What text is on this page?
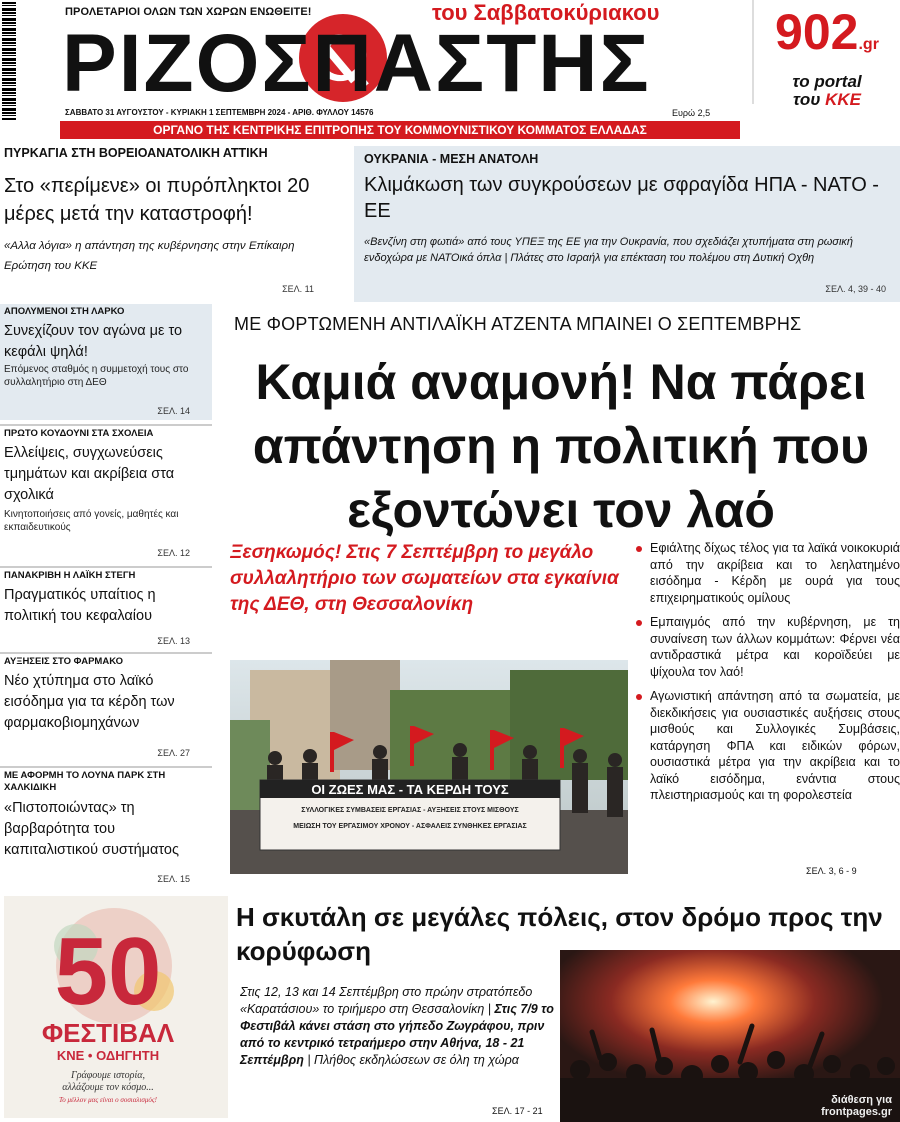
ΠΡΟΛΕΤΑΡΙΟΙ ΟΛΩΝ ΤΩΝ ΧΩΡΩΝ ΕΝΩΘΕΙΤΕ!	του Σαββατοκύριακου
ΡΙΖΟΣΠΑΣΤΗΣ
ΣΑΒΒΑΤΟ 31 ΑΥΓΟΥΣΤΟΥ - ΚΥΡΙΑΚΗ 1 ΣΕΠΤΕΜΒΡΗ 2024 - ΑΡΙΘ. ΦΥΛΛΟΥ 14576	Ευρώ 2,5
902.gr
το portal
του ΚΚΕ
ΟΡΓΑΝΟ ΤΗΣ ΚΕΝΤΡΙΚΗΣ ΕΠΙΤΡΟΠΗΣ ΤΟΥ ΚΟΜΜΟΥΝΙΣΤΙΚΟΥ ΚΟΜΜΑΤΟΣ ΕΛΛΑΔΑΣ
ΠΥΡΚΑΓΙΑ ΣΤΗ ΒΟΡΕΙΟΑΝΑΤΟΛΙΚΗ ΑΤΤΙΚΗ
Στο «περίμενε» οι πυρόπληκτοι 20 μέρες μετά την καταστροφή!
«Αλλα λόγια» η απάντηση της κυβέρνησης στην Επίκαιρη Ερώτηση του ΚΚΕ
ΣΕΛ. 11
ΟΥΚΡΑΝΙΑ - ΜΕΣΗ ΑΝΑΤΟΛΗ
Κλιμάκωση των συγκρούσεων με σφραγίδα ΗΠΑ - ΝΑΤΟ - ΕΕ
«Βενζίνη στη φωτιά» από τους ΥΠΕΞ της ΕΕ για την Ουκρανία, που σχεδιάζει χτυπήματα στη ρωσική ενδοχώρα με ΝΑΤΟικά όπλα | Πλάτες στο Ισραήλ για επέκταση του πολέμου στη Δυτική Οχθη
ΣΕΛ. 4, 39 - 40
ΑΠΟΛΥΜΕΝΟΙ ΣΤΗ ΛΑΡΚΟ
Συνεχίζουν τον αγώνα με το κεφάλι ψηλά!

Επόμενος σταθμός η συμμετοχή τους στο συλλαλητήριο στη ΔΕΘ

ΣΕΛ. 14
ΠΡΩΤΟ ΚΟΥΔΟΥΝΙ ΣΤΑ ΣΧΟΛΕΙΑ
Ελλείψεις, συγχωνεύσεις τμημάτων και ακρίβεια στα σχολικά

Κινητοποιήσεις από γονείς, μαθητές και εκπαιδευτικούς

ΣΕΛ. 12
ΠΑΝΑΚΡΙΒΗ Η ΛΑΪΚΗ ΣΤΕΓΗ
Πραγματικός υπαίτιος η πολιτική του κεφαλαίου
ΣΕΛ. 13
ΑΥΞΗΣΕΙΣ ΣΤΟ ΦΑΡΜΑΚΟ
Νέο χτύπημα στο λαϊκό εισόδημα για τα κέρδη των φαρμακοβιομηχάνων
ΣΕΛ. 27
ΜΕ ΑΦΟΡΜΗ ΤΟ ΛΟΥΝΑ ΠΑΡΚ ΣΤΗ ΧΑΛΚΙΔΙΚΗ
«Πιστοποιώντας» τη βαρβαρότητα του καπιταλιστικού συστήματος
ΣΕΛ. 15
ΜΕ ΦΟΡΤΩΜΕΝΗ ΑΝΤΙΛΑΪΚΗ ΑΤΖΕΝΤΑ ΜΠΑΙΝΕΙ Ο ΣΕΠΤΕΜΒΡΗΣ
Καμιά αναμονή! Να πάρει απάντηση η πολιτική που εξοντώνει τον λαό
Ξεσηκωμός! Στις 7 Σεπτέμβρη το μεγάλο συλλαλητήριο των σωματείων στα εγκαίνια της ΔΕΘ, στη Θεσσαλονίκη
ΟΙ ΖΩΕΣ ΜΑΣ - ΤΑ ΚΕΡΔΗ ΤΟΥΣ
ΣΥΛΛΟΓΙΚΕΣ ΣΥΜΒΑΣΕΙΣ ΕΡΓΑΣΙΑΣ - ΑΥΞΗΣΕΙΣ ΣΤΟΥΣ ΜΙΣΘΟΥΣ
ΜΕΙΩΣΗ ΤΟΥ ΕΡΓΑΣΙΜΟΥ ΧΡΟΝΟΥ - ΑΣΦΑΛΕΙΣ ΣΥΝΘΗΚΕΣ ΕΡΓΑΣΙΑΣ
Εφιάλτης δίχως τέλος για τα λαϊκά νοικοκυριά από την ακρίβεια και το λεηλατημένο εισόδημα - Κέρδη με ουρά για τους επιχειρηματικούς ομίλους
Εμπαιγμός από την κυβέρνηση, με τη συναίνεση των άλλων κομμάτων: Φέρνει νέα αντιδραστικά μέτρα και κοροϊδεύει με ψίχουλα τον λαό!
Αγωνιστική απάντηση από τα σωματεία, με διεκδικήσεις για ουσιαστικές αυξήσεις στους μισθούς και Συλλογικές Συμβάσεις, κατάργηση ΦΠΑ και ειδικών φόρων, ουσιαστικά μέτρα για την ακρίβεια και το λαϊκό εισόδημα, ενάντια στους πλειστηριασμούς και τη φορολεστεία
ΣΕΛ. 3, 6 - 9
50
ΦΕΣΤΙΒΑΛ
ΚΝΕ • ΟΔΗΓΗΤΗ
Γράφουμε ιστορία,
αλλάζουμε τον κόσμο...
Το μέλλον μας είναι ο σοσιαλισμός!
Η σκυτάλη σε μεγάλες πόλεις, στον δρόμο προς την κορύφωση
Στις 12, 13 και 14 Σεπτέμβρη στο πρώην στρατόπεδο «Καρατάσιου» το τριήμερο στη Θεσσαλονίκη | Στις 7/9 το Φεστιβάλ κάνει στάση στο γήπεδο Ζωγράφου, πριν από το κεντρικό τετραήμερο στην Αθήνα, 18 - 21 Σεπτέμβρη | Πλήθος εκδηλώσεων σε όλη τη χώρα
ΣΕΛ. 17 - 21
διάθεση για
frontpages.gr
